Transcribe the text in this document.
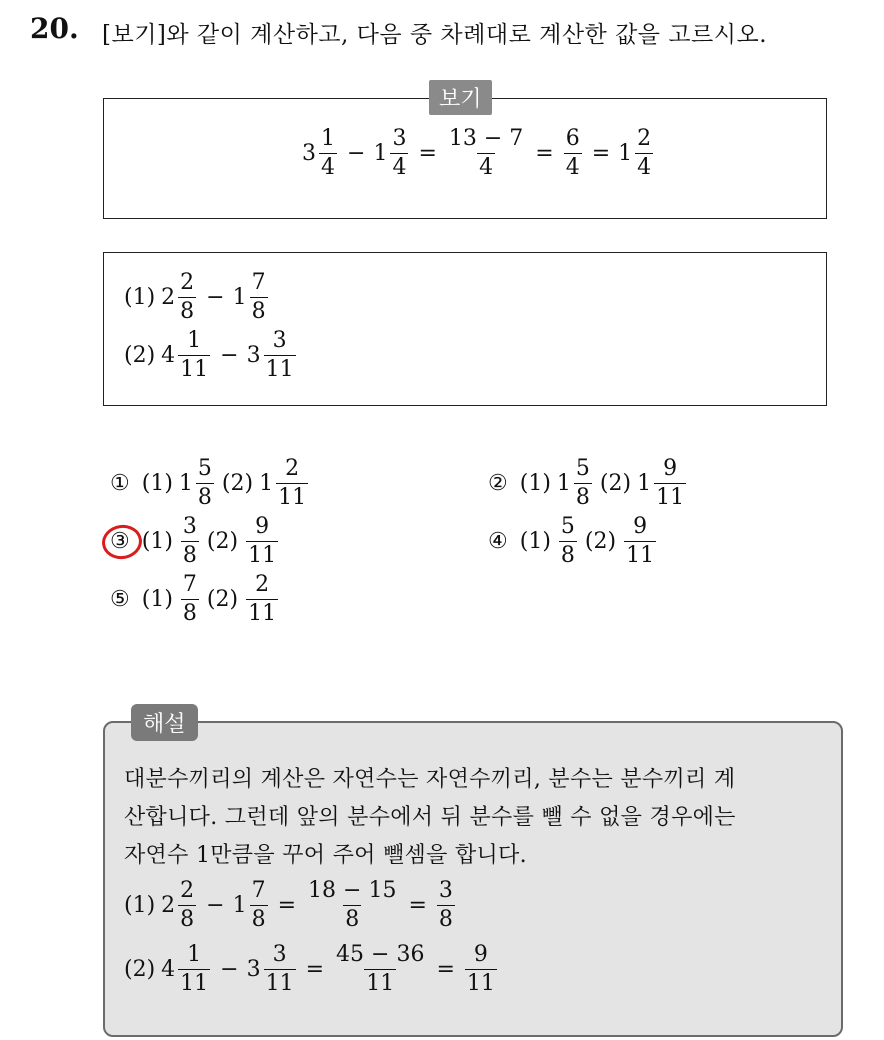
20. [보기]와 같이 계산하고, 다음 중 차례대로 계산한 값을 고르시오.
보기
$3 \frac{1}{4} - 1 \frac{3}{4} = \frac{13 - 7}{4} = \frac{6}{4} = 1 \frac{2}{4}$
(1) $2 \frac{2}{8} - 1 \frac{7}{8}$
(2) $4 \frac{1}{11} - 3 \frac{3}{11}$
① (1) $1 \frac{5}{8} (2)$ $1 \frac{2}{11}$	② (1) $1 \frac{5}{8} (2)$ $1 \frac{9}{11}$
③ $(1) \frac{3}{8} (2) \frac{9}{11}$	④ $(1) \frac{5}{8} (2) \frac{9}{11}$
⑤ $(1) \frac{7}{8} (2) \frac{2}{11}$
해설
대분수끼리의 계산은 자연수는 자연수끼리, 분수는 분수끼리 계
산합니다. 그런데 앞의 분수에서 뒤 분수를 뺄 수 없을 경우에는
자연수 1만큼을 꾸어 주어 뺄셈을 합니다.
(1) $2 \frac{2}{8} - 1 \frac{7}{8} = \frac{18 - 15}{8} = \frac{3}{8}$
(2) $4 \frac{1}{11} - 3 \frac{3}{11} = \frac{45 - 36}{11} = \frac{9}{11}$
